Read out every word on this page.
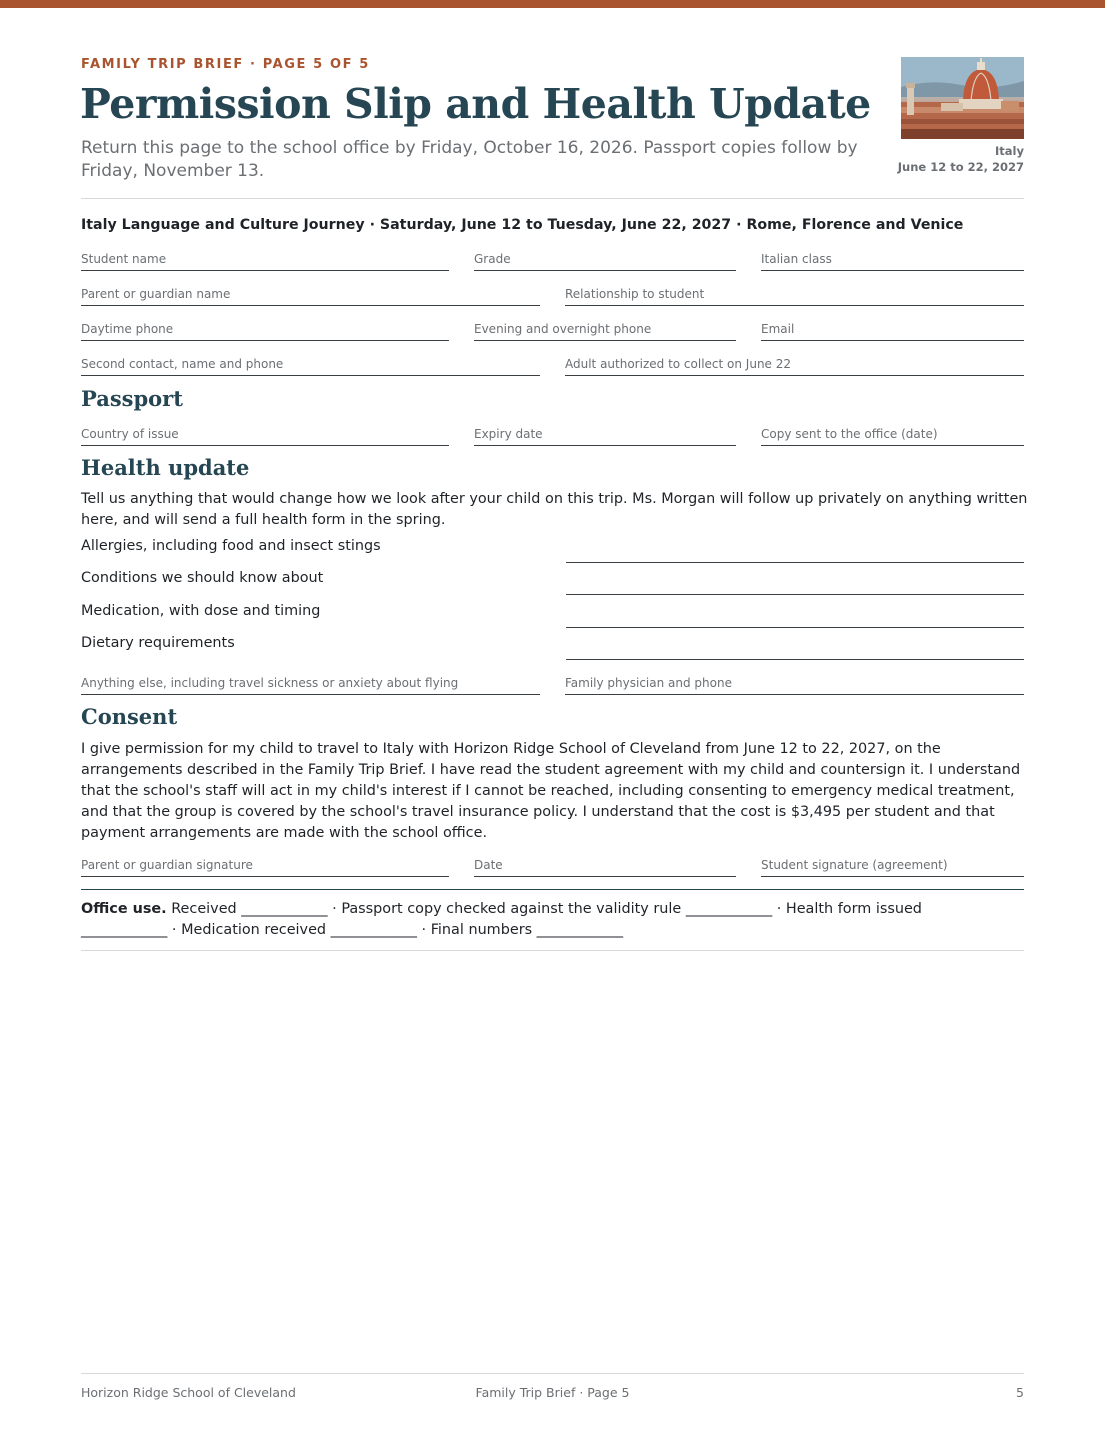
FAMILY TRIP BRIEF · PAGE 5 OF 5
Permission Slip and Health Update
Return this page to the school office by Friday, October 16, 2026. Passport copies follow by Friday, November 13.
Italy
June 12 to 22, 2027
Italy Language and Culture Journey · Saturday, June 12 to Tuesday, June 22, 2027 · Rome, Florence and Venice
Student name	Grade	Italian class
Parent or guardian name	Relationship to student
Daytime phone	Evening and overnight phone	Email
Second contact, name and phone	Adult authorized to collect on June 22
Passport
Country of issue	Expiry date	Copy sent to the office (date)
Health update
Tell us anything that would change how we look after your child on this trip. Ms. Morgan will follow up privately on anything written here, and will send a full health form in the spring.
Allergies, including food and insect stings
Conditions we should know about
Medication, with dose and timing
Dietary requirements
Anything else, including travel sickness or anxiety about flying	Family physician and phone
Consent
I give permission for my child to travel to Italy with Horizon Ridge School of Cleveland from June 12 to 22, 2027, on the arrangements described in the Family Trip Brief. I have read the student agreement with my child and countersign it. I understand that the school's staff will act in my child's interest if I cannot be reached, including consenting to emergency medical treatment, and that the group is covered by the school's travel insurance policy. I understand that the cost is $3,495 per student and that payment arrangements are made with the school office.
Parent or guardian signature	Date	Student signature (agreement)
Office use. Received ____________ · Passport copy checked against the validity rule ____________ · Health form issued ____________ · Medication received ____________ · Final numbers ____________
Horizon Ridge School of Cleveland	Family Trip Brief · Page 5	5
